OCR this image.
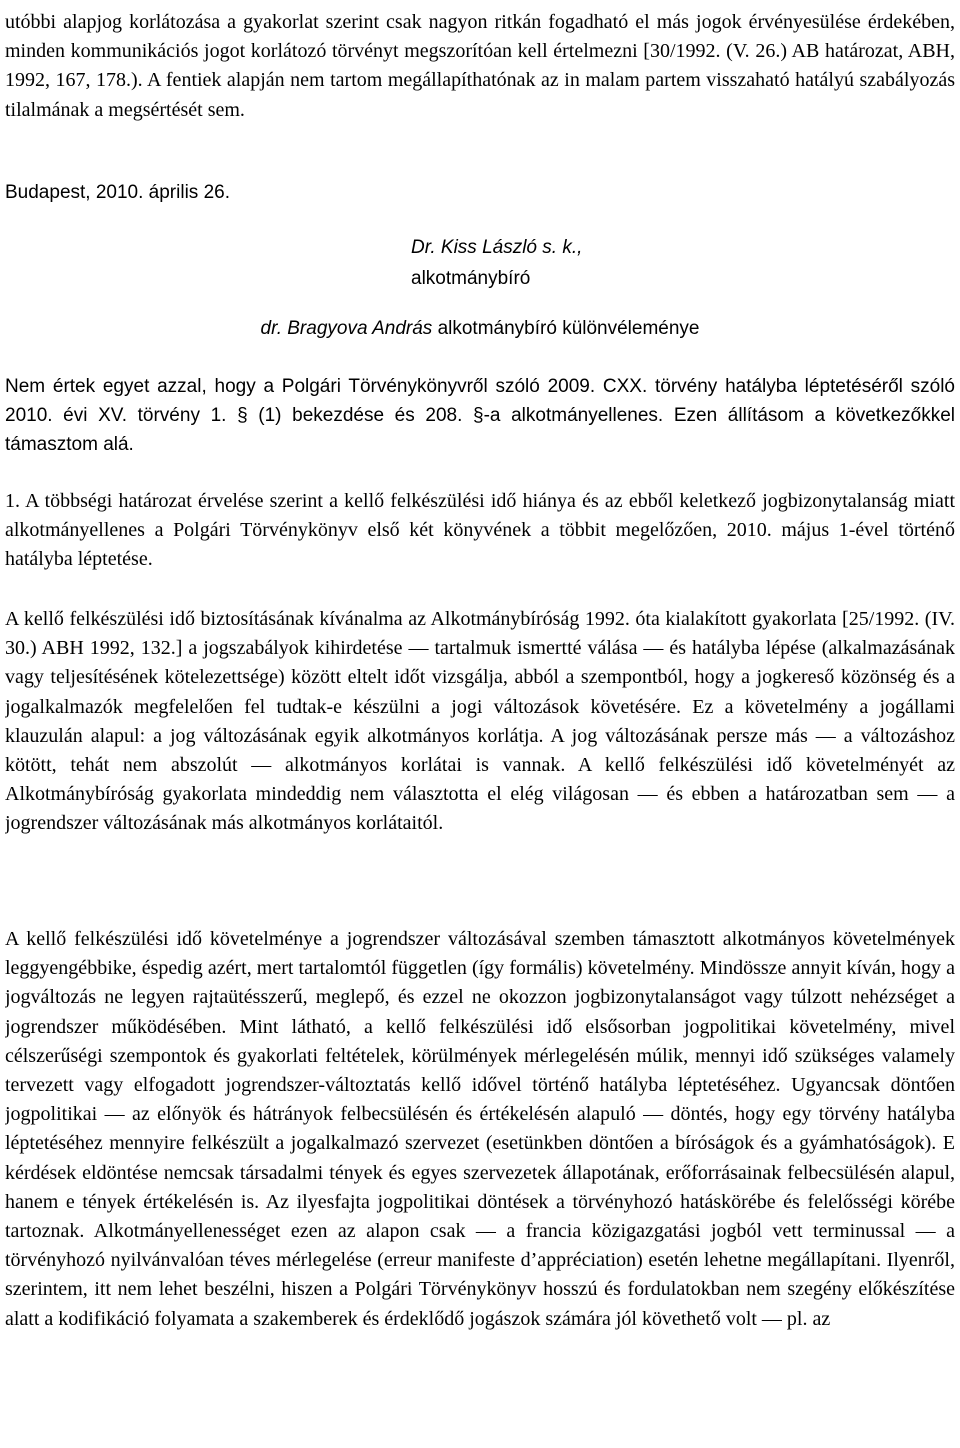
utóbbi alapjog korlátozása a gyakorlat szerint csak nagyon ritkán fogadható el más jogok érvényesülése érdekében, minden kommunikációs jogot korlátozó törvényt megszorítóan kell értelmezni [30/1992. (V. 26.) AB határozat, ABH, 1992, 167, 178.). A fentiek alapján nem tartom megállapíthatónak az in malam partem visszaható hatályú szabályozás tilalmának a megsértését sem.

Budapest, 2010. április 26.
Dr. Kiss László s. k.,
alkotmánybíró
dr. Bragyova András alkotmánybíró különvéleménye

Nem értek egyet azzal, hogy a Polgári Törvénykönyvről szóló 2009. CXX. törvény hatályba léptetéséről szóló 2010. évi XV. törvény 1. § (1) bekezdése és 208. §-a alkotmányellenes. Ezen állításom a következőkkel támasztom alá.

1. A többségi határozat érvelése szerint a kellő felkészülési idő hiánya és az ebből keletkező jogbizonytalanság miatt alkotmányellenes a Polgári Törvénykönyv első két könyvének a többit megelőzően, 2010. május 1-ével történő hatályba léptetése.

A kellő felkészülési idő biztosításának kívánalma az Alkotmánybíróság 1992. óta kialakított gyakorlata [25/1992. (IV. 30.) ABH 1992, 132.] a jogszabályok kihirdetése — tartalmuk ismertté válása — és hatályba lépése (alkalmazásának vagy teljesítésének kötelezettsége) között eltelt időt vizsgálja, abból a szempontból, hogy a jogkereső közönség és a jogalkalmazók megfelelően fel tudtak-e készülni a jogi változások követésére. Ez a követelmény a jogállami klauzulán alapul: a jog változásának egyik alkotmányos korlátja. A jog változásának persze más — a változáshoz kötött, tehát nem abszolút — alkotmányos korlátai is vannak. A kellő felkészülési idő követelményét az Alkotmánybíróság gyakorlata mindeddig nem választotta el elég világosan — és ebben a határozatban sem — a jogrendszer változásának más alkotmányos korlátaitól.

A kellő felkészülési idő követelménye a jogrendszer változásával szemben támasztott alkotmányos követelmények leggyengébbike, éspedig azért, mert tartalomtól független (így formális) követelmény. Mindössze annyit kíván, hogy a jogváltozás ne legyen rajtaütésszerű, meglepő, és ezzel ne okozzon jogbizonytalanságot vagy túlzott nehézséget a jogrendszer működésében. Mint látható, a kellő felkészülési idő elsősorban jogpolitikai követelmény, mivel célszerűségi szempontok és gyakorlati feltételek, körülmények mérlegelésén múlik, mennyi idő szükséges valamely tervezett vagy elfogadott jogrendszer-változtatás kellő idővel történő hatályba léptetéséhez. Ugyancsak döntően jogpolitikai — az előnyök és hátrányok felbecsülésén és értékelésén alapuló — döntés, hogy egy törvény hatályba léptetéséhez mennyire felkészült a jogalkalmazó szervezet (esetünkben döntően a bíróságok és a gyámhatóságok). E kérdések eldöntése nemcsak társadalmi tények és egyes szervezetek állapotának, erőforrásainak felbecsülésén alapul, hanem e tények értékelésén is. Az ilyesfajta jogpolitikai döntések a törvényhozó hatáskörébe és felelősségi körébe tartoznak. Alkotmányellenességet ezen az alapon csak — a francia közigazgatási jogból vett terminussal — a törvényhozó nyilvánvalóan téves mérlegelése (erreur manifeste d’appréciation) esetén lehetne megállapítani. Ilyenről, szerintem, itt nem lehet beszélni, hiszen a Polgári Törvénykönyv hosszú és fordulatokban nem szegény előkészítése alatt a kodifikáció folyamata a szakemberek és érdeklődő jogászok számára jól követhető volt — pl. az
